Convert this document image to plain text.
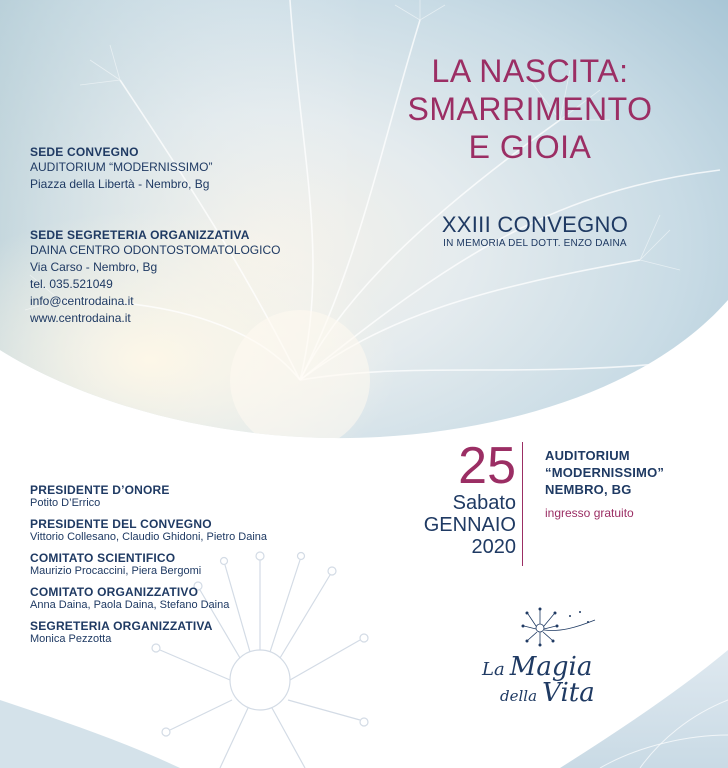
LA NASCITA:
SMARRIMENTO
E GIOIA
XXIII CONVEGNO
IN MEMORIA DEL DOTT. ENZO DAINA
SEDE CONVEGNO
AUDITORIUM “MODERNISSIMO”
Piazza della Libertà - Nembro, Bg
SEDE SEGRETERIA ORGANIZZATIVA
DAINA CENTRO ODONTOSTOMATOLOGICO
Via Carso - Nembro, Bg
tel. 035.521049
info@centrodaina.it
www.centrodaina.it
25
Sabato
GENNAIO
2020
AUDITORIUM
“MODERNISSIMO”
NEMBRO, BG
ingresso gratuito
PRESIDENTE D’ONORE
Potito D’Errico
PRESIDENTE DEL CONVEGNO
Vittorio Collesano, Claudio Ghidoni, Pietro Daina
COMITATO SCIENTIFICO
Maurizio Procaccini, Piera Bergomi
COMITATO ORGANIZZATIVO
Anna Daina, Paola Daina, Stefano Daina
SEGRETERIA ORGANIZZATIVA
Monica Pezzotta
La Magia
della Vita
